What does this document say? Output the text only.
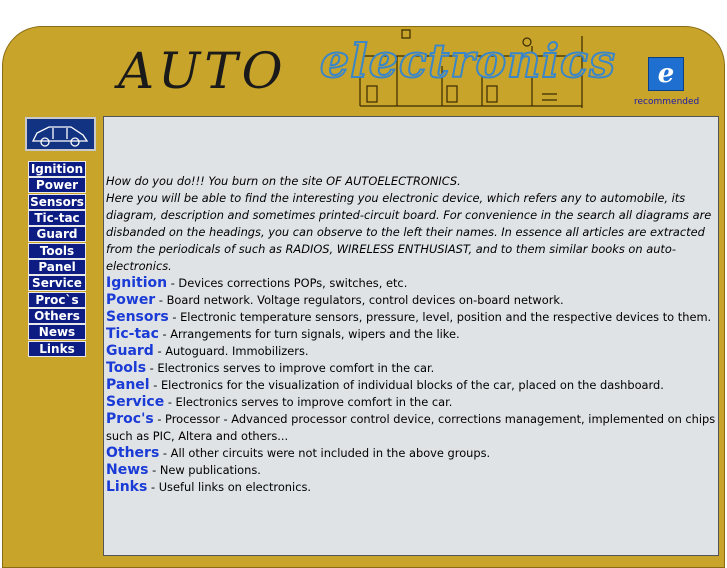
AUTO electronics	e
recommended
Ignition
Power
Sensors
Tic-tac
Guard
Tools
Panel
Service
Proc`s
Others
News
Links

How do you do!!! You burn on the site OF AUTOELECTRONICS.

Here you will be able to find the interesting you electronic device, which refers any to automobile, its diagram, description and sometimes printed-circuit board. For convenience in the search all diagrams are disbanded on the headings, you can observe to the left their names. In essence all articles are extracted from the periodicals of such as RADIOS, WIRELESS ENTHUSIAST, and to them similar books on auto-electronics.

Ignition - Devices corrections POPs, switches, etc.

Power - Board network. Voltage regulators, control devices on-board network.

Sensors - Electronic temperature sensors, pressure, level, position and the respective devices to them.

Tic-tac - Arrangements for turn signals, wipers and the like.

Guard - Autoguard. Immobilizers.

Tools - Electronics serves to improve comfort in the car.

Panel - Electronics for the visualization of individual blocks of the car, placed on the dashboard.

Service - Electronics serves to improve comfort in the car.

Proc's - Processor - Advanced processor control device, corrections management, implemented on chips such as PIC, Altera and others...

Others - All other circuits were not included in the above groups.

News - New publications.

Links - Useful links on electronics.
